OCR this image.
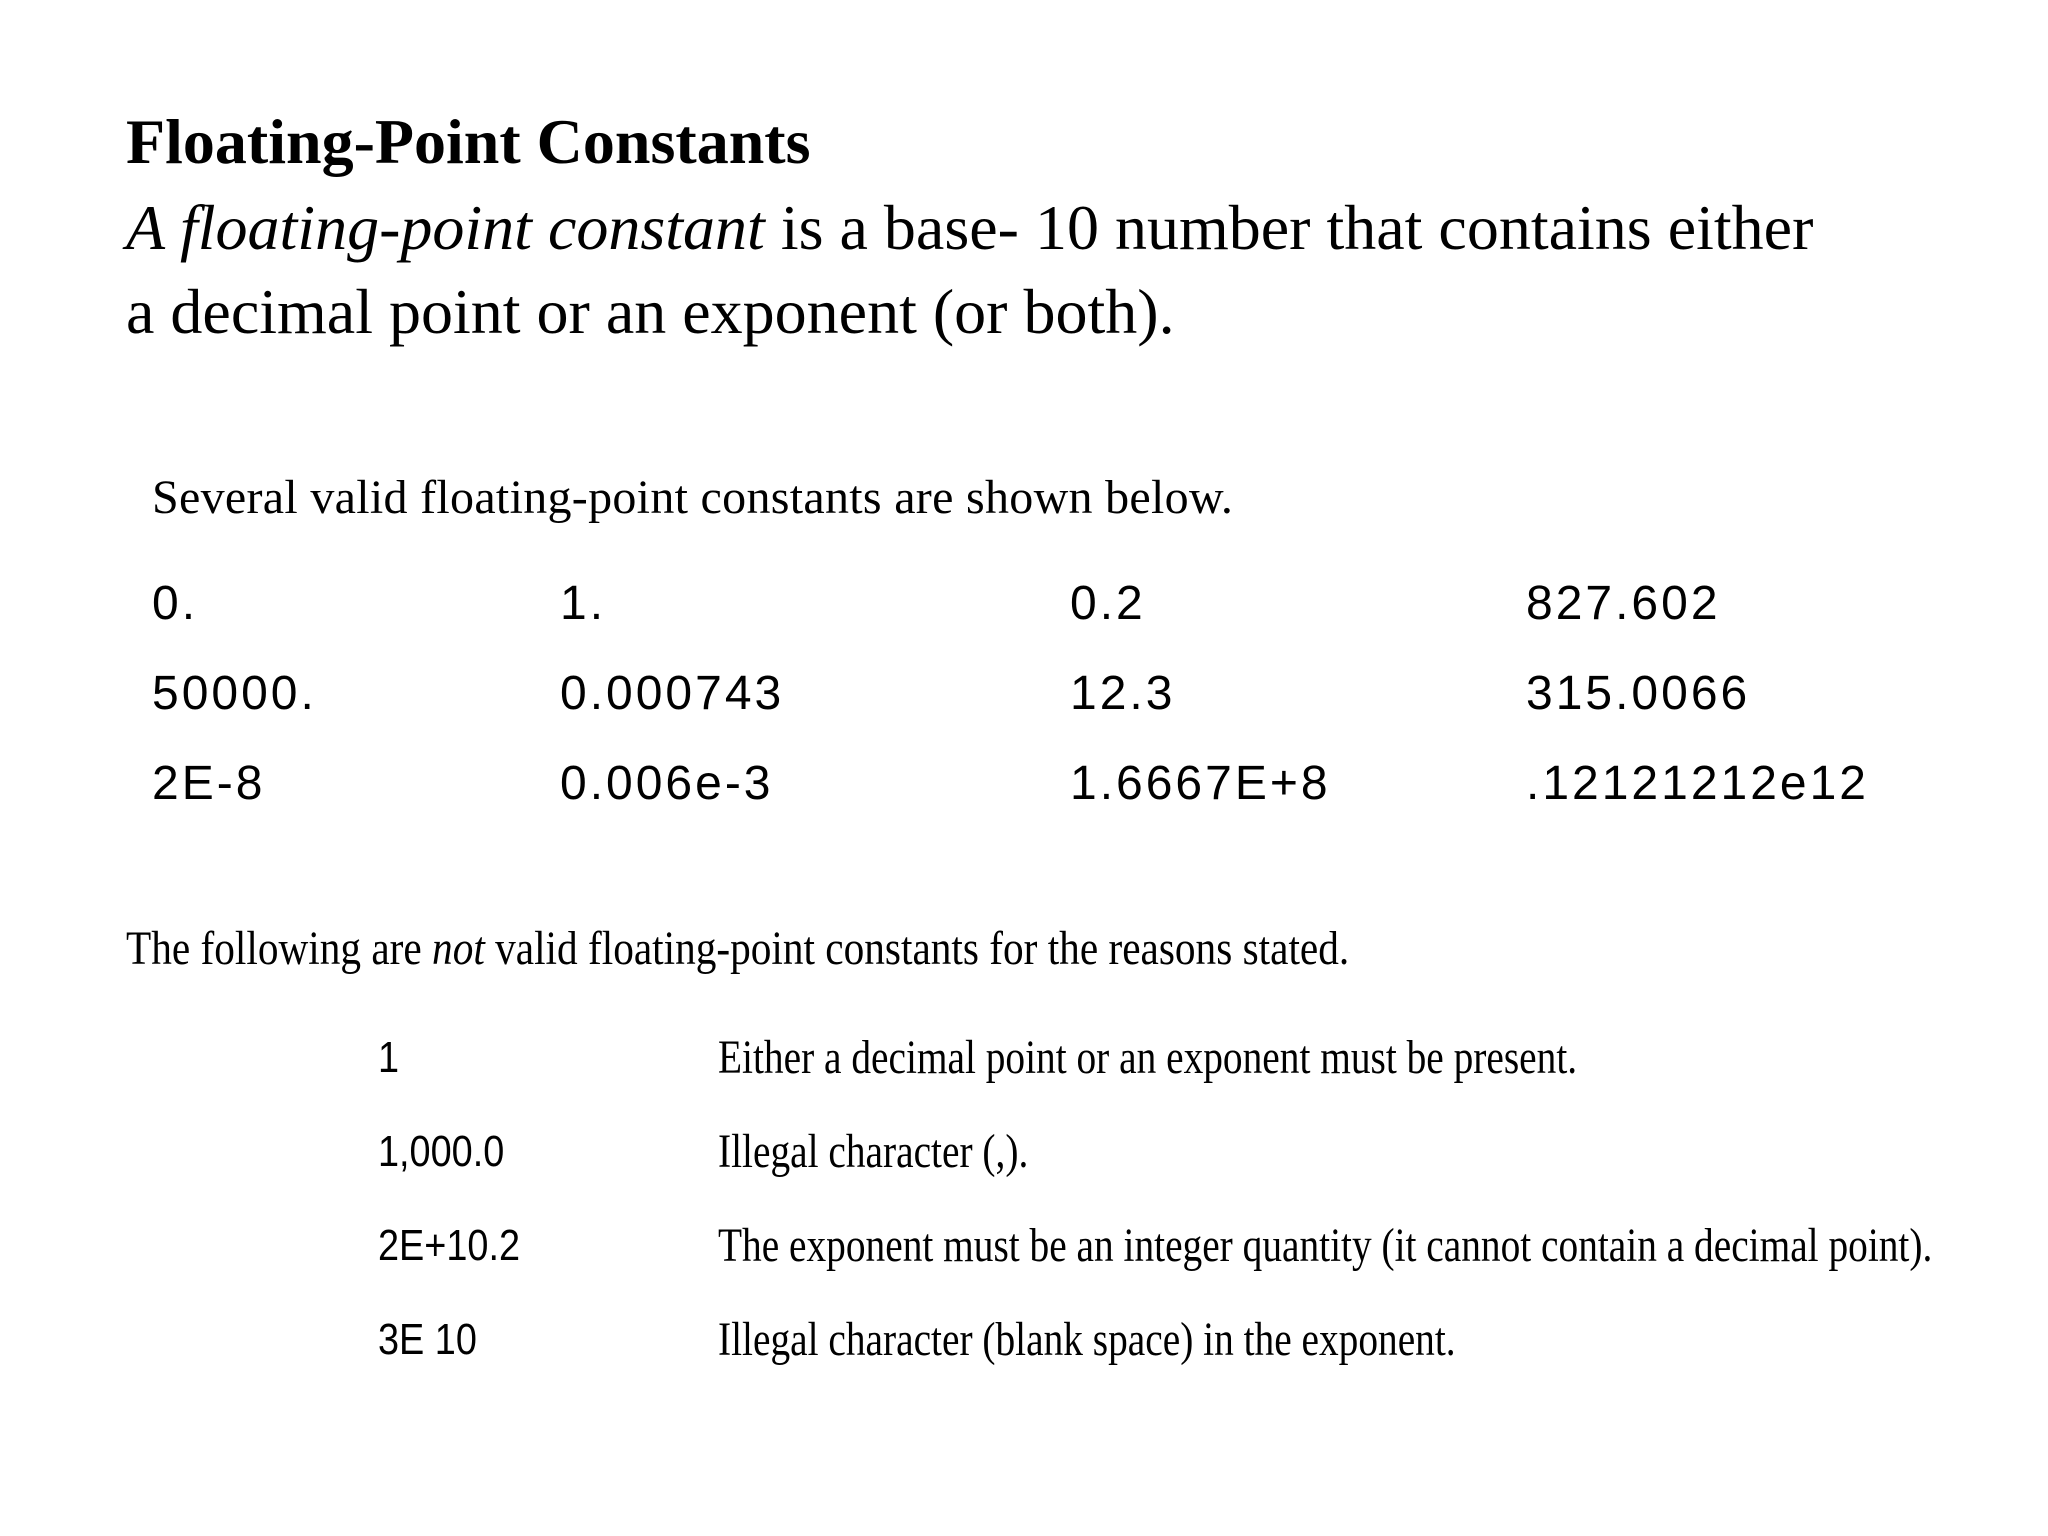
Floating-Point Constants
A floating-point constant is a base- 10 number that contains either
a decimal point or an exponent (or both).
Several valid floating-point constants are shown below.
0.	1.	0.2	827.602
50000.	0.000743	12.3	315.0066
2E-8	0.006e-3	1.6667E+8	.12121212e12
The following are not valid floating-point constants for the reasons stated.
1	Either a decimal point or an exponent must be present.
1,000.0	Illegal character (,).
2E+10.2	The exponent must be an integer quantity (it cannot contain a decimal point).
3E 10	Illegal character (blank space) in the exponent.
